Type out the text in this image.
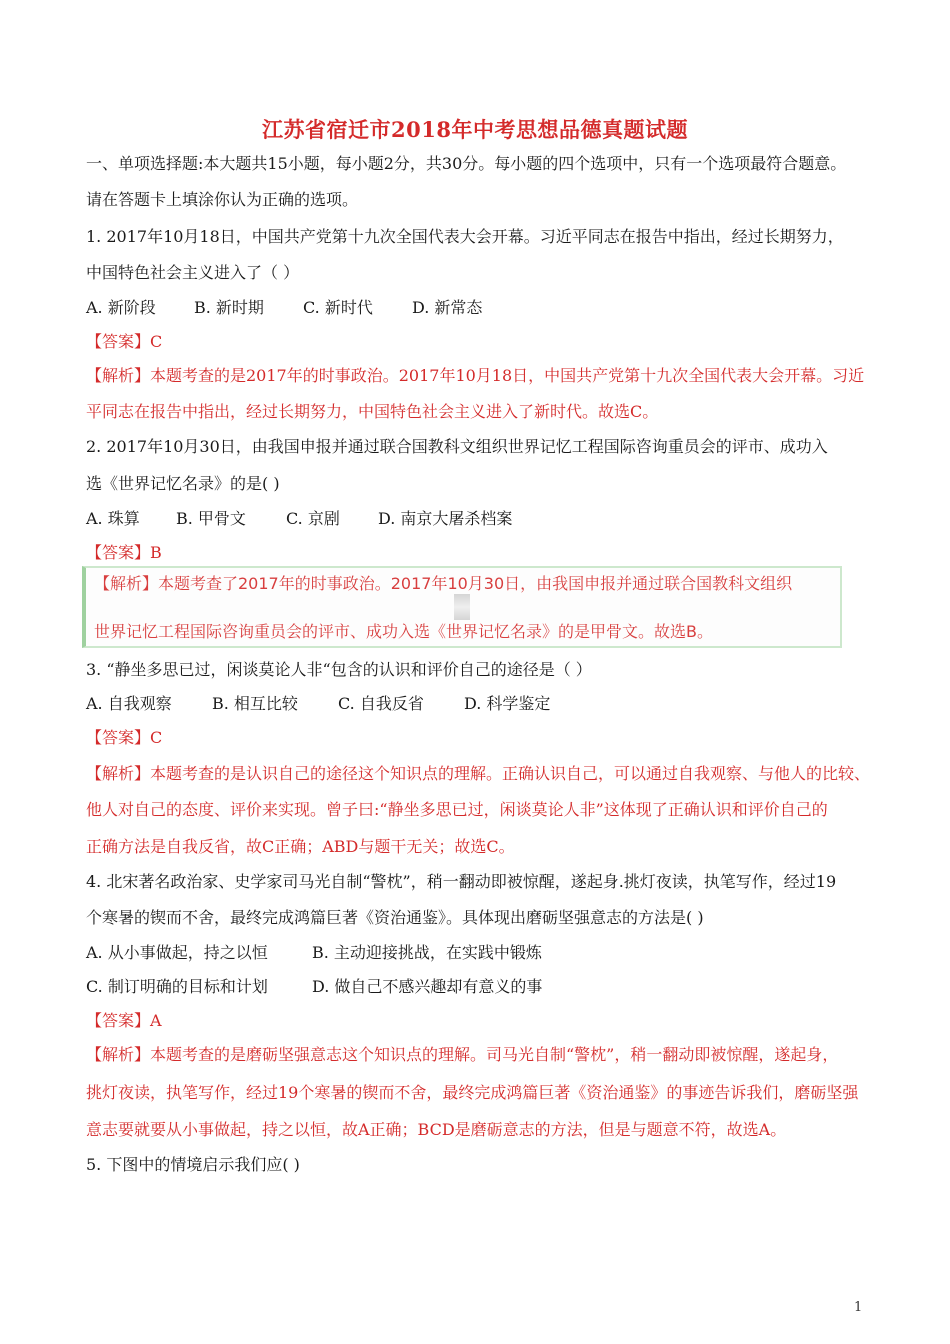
江苏省宿迁市2018年中考思想品德真题试题
一、单项选择题:本大题共15小题，每小题2分，共30分。每小题的四个选项中，只有一个选项最符合题意。
请在答题卡上填涂你认为正确的选项。
1. 2017年10月18日，中国共产党第十九次全国代表大会开幕。习近平同志在报告中指出，经过长期努力，
中国特色社会主义进入了（ ）
A. 新阶段 B. 新时期 C. 新时代 D. 新常态
【答案】C
【解析】本题考查的是2017年的时事政治。2017年10月18日，中国共产党第十九次全国代表大会开幕。习近
平同志在报告中指出，经过长期努力，中国特色社会主义进入了新时代。故选C。
2. 2017年10月30日，由我国申报并通过联合国教科文组织世界记忆工程国际咨询重员会的评市、成功入
选《世界记忆名录》的是( )
A. 珠算 B. 甲骨文	C. 京剧 D. 南京大屠杀档案
【答案】B
【解析】本题考查了2017年的时事政治。2017年10月30日，由我国申报并通过联合国教科文组织
世界记忆工程国际咨询重员会的评市、成功入选《世界记忆名录》的是甲骨文。故选B。
3. “静坐多思已过，闲谈莫论人非“包含的认识和评价自己的途径是（ ）
A. 自我观察	B. 相互比较	C. 自我反省	D. 科学鉴定
【答案】C
【解析】本题考查的是认识自己的途径这个知识点的理解。正确认识自己，可以通过自我观察、与他人的比较、
他人对自己的态度、评价来实现。曾子曰:“静坐多思已过，闲谈莫论人非”这体现了正确认识和评价自己的
正确方法是自我反省，故C正确；ABD与题干无关；故选C。
4. 北宋著名政治家、史学家司马光自制“警枕”，稍一翻动即被惊醒，遂起身.挑灯夜读，执笔写作，经过19
个寒暑的锲而不舍，最终完成鸿篇巨著《资治通鉴》。具体现出磨砺坚强意志的方法是( )
A. 从小事做起，持之以恒	B. 主动迎接挑战，在实践中锻炼
C. 制订明确的目标和计划	D. 做自己不感兴趣却有意义的事
【答案】A
【解析】本题考查的是磨砺坚强意志这个知识点的理解。司马光自制“警枕”，稍一翻动即被惊醒，遂起身，
挑灯夜读，执笔写作，经过19个寒暑的锲而不舍，最终完成鸿篇巨著《资治通鉴》的事迹告诉我们，磨砺坚强
意志要就要从小事做起，持之以恒，故A正确；BCD是磨砺意志的方法，但是与题意不符，故选A。
5. 下图中的情境启示我们应( )
1
